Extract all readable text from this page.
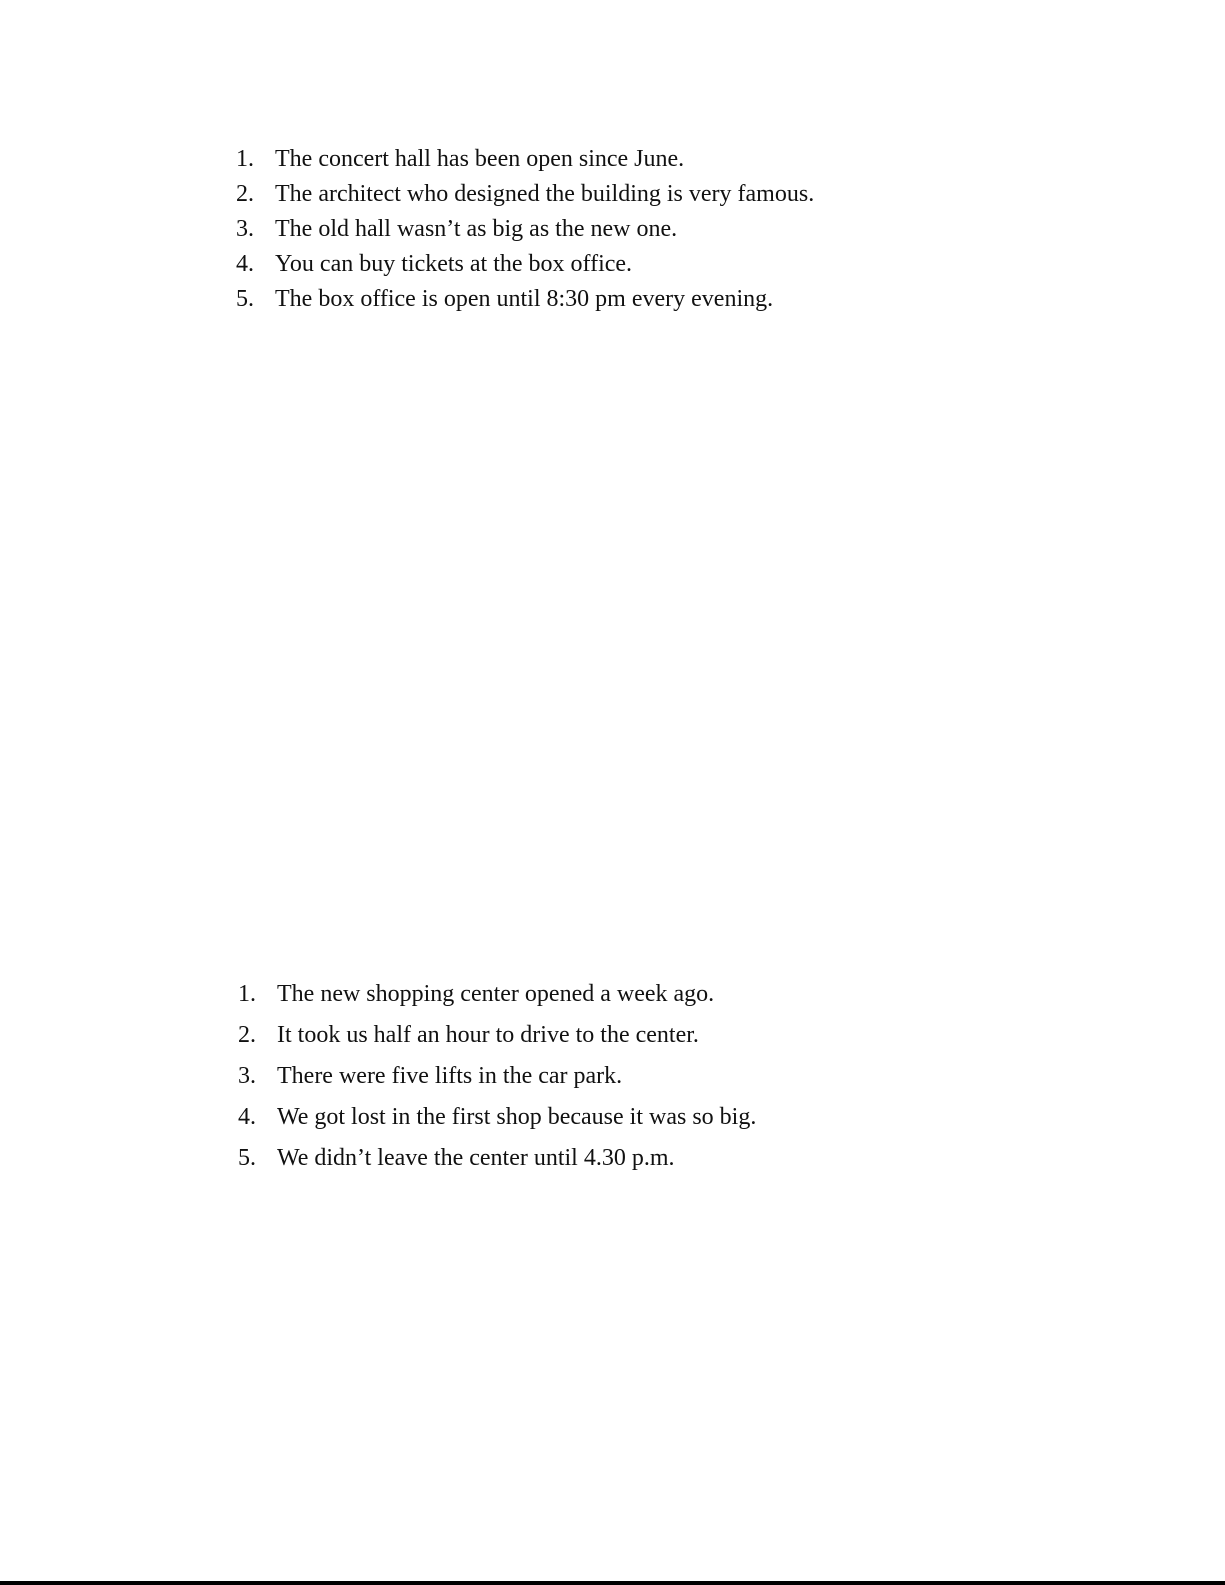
1. The concert hall has been open since June.
2. The architect who designed the building is very famous.
3. The old hall wasn’t as big as the new one.
4. You can buy tickets at the box office.
5. The box office is open until 8:30 pm every evening.
1. The new shopping center opened a week ago.
2. It took us half an hour to drive to the center.
3. There were five lifts in the car park.
4. We got lost in the first shop because it was so big.
5. We didn’t leave the center until 4.30 p.m.
